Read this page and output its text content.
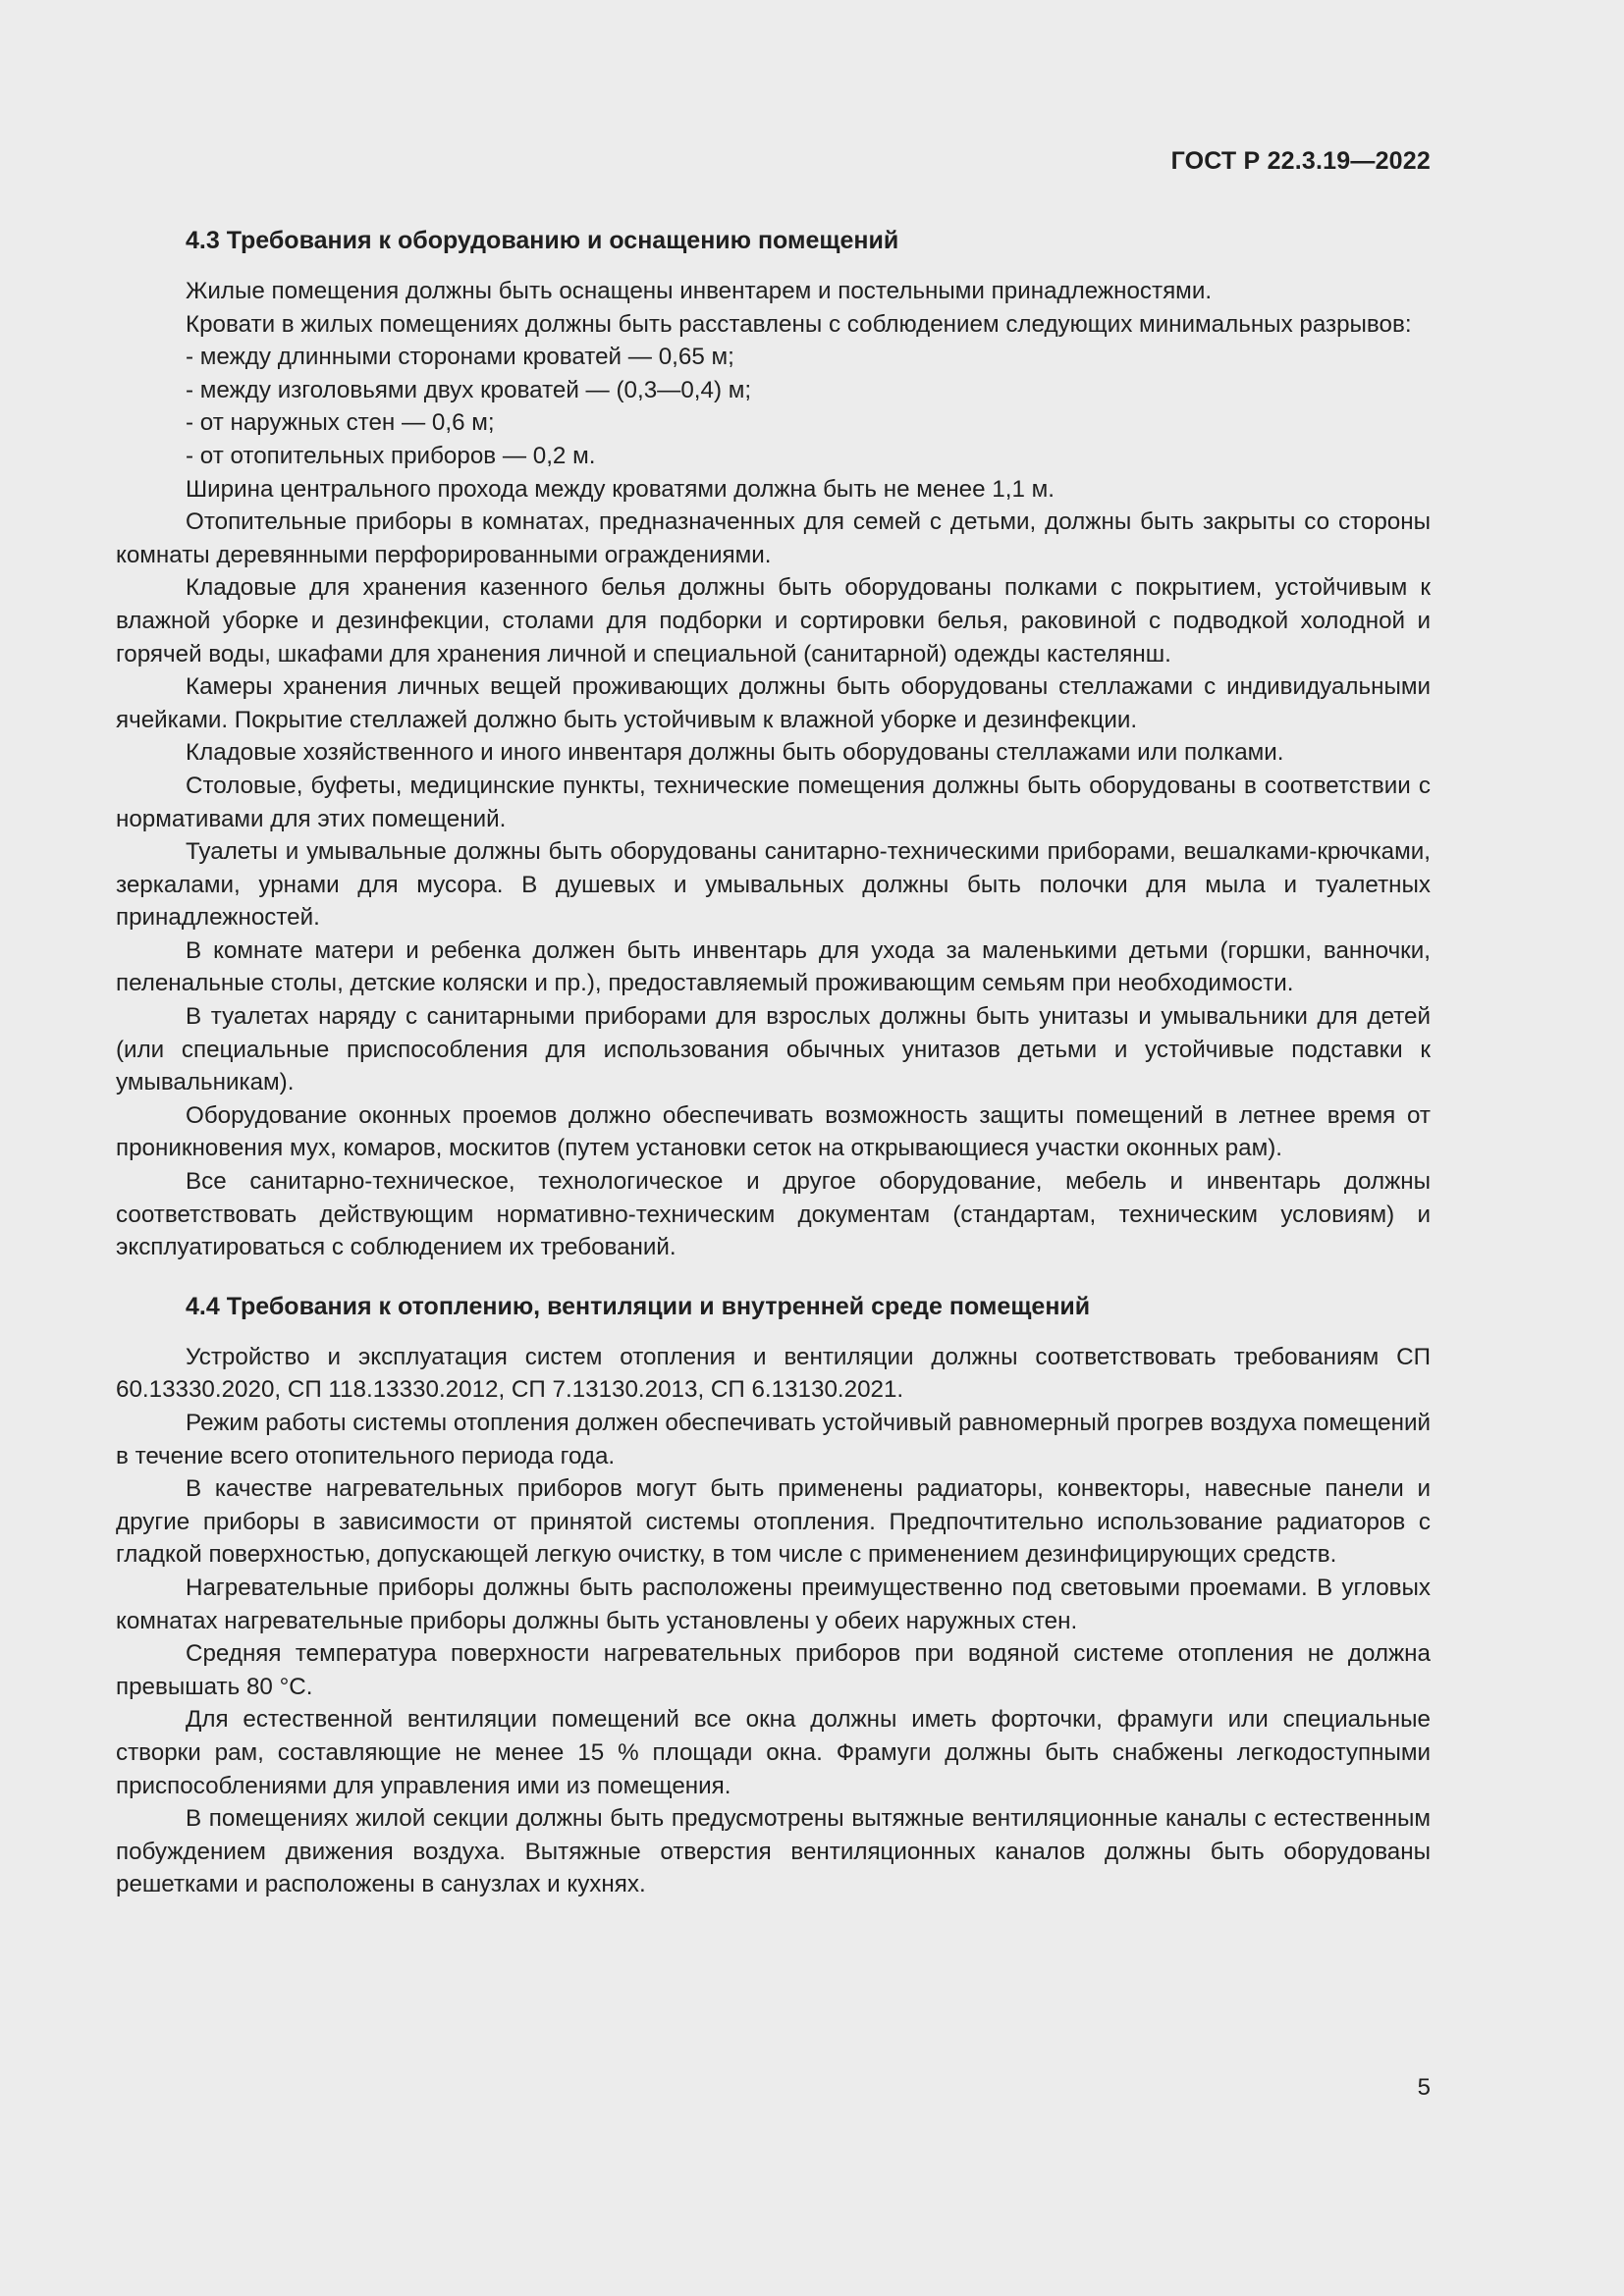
ГОСТ Р 22.3.19—2022
4.3 Требования к оборудованию и оснащению помещений

Жилые помещения должны быть оснащены инвентарем и постельными принадлежностями.

Кровати в жилых помещениях должны быть расставлены с соблюдением следующих минимальных разрывов:

- между длинными сторонами кроватей — 0,65 м;

- между изголовьями двух кроватей — (0,3—0,4) м;

- от наружных стен — 0,6 м;

- от отопительных приборов — 0,2 м.

Ширина центрального прохода между кроватями должна быть не менее 1,1 м.

Отопительные приборы в комнатах, предназначенных для семей с детьми, должны быть закрыты со стороны комнаты деревянными перфорированными ограждениями.

Кладовые для хранения казенного белья должны быть оборудованы полками с покрытием, устойчивым к влажной уборке и дезинфекции, столами для подборки и сортировки белья, раковиной с подводкой холодной и горячей воды, шкафами для хранения личной и специальной (санитарной) одежды кастелянш.

Камеры хранения личных вещей проживающих должны быть оборудованы стеллажами с индивидуальными ячейками. Покрытие стеллажей должно быть устойчивым к влажной уборке и дезинфекции.

Кладовые хозяйственного и иного инвентаря должны быть оборудованы стеллажами или полками.

Столовые, буфеты, медицинские пункты, технические помещения должны быть оборудованы в соответствии с нормативами для этих помещений.

Туалеты и умывальные должны быть оборудованы санитарно-техническими приборами, вешалками-крючками, зеркалами, урнами для мусора. В душевых и умывальных должны быть полочки для мыла и туалетных принадлежностей.

В комнате матери и ребенка должен быть инвентарь для ухода за маленькими детьми (горшки, ванночки, пеленальные столы, детские коляски и пр.), предоставляемый проживающим семьям при необходимости.

В туалетах наряду с санитарными приборами для взрослых должны быть унитазы и умывальники для детей (или специальные приспособления для использования обычных унитазов детьми и устойчивые подставки к умывальникам).

Оборудование оконных проемов должно обеспечивать возможность защиты помещений в летнее время от проникновения мух, комаров, москитов (путем установки сеток на открывающиеся участки оконных рам).

Все санитарно-техническое, технологическое и другое оборудование, мебель и инвентарь должны соответствовать действующим нормативно-техническим документам (стандартам, техническим условиям) и эксплуатироваться с соблюдением их требований.

4.4 Требования к отоплению, вентиляции и внутренней среде помещений

Устройство и эксплуатация систем отопления и вентиляции должны соответствовать требованиям СП 60.13330.2020, СП 118.13330.2012, СП 7.13130.2013, СП 6.13130.2021.

Режим работы системы отопления должен обеспечивать устойчивый равномерный прогрев воздуха помещений в течение всего отопительного периода года.

В качестве нагревательных приборов могут быть применены радиаторы, конвекторы, навесные панели и другие приборы в зависимости от принятой системы отопления. Предпочтительно использование радиаторов с гладкой поверхностью, допускающей легкую очистку, в том числе с применением дезинфицирующих средств.

Нагревательные приборы должны быть расположены преимущественно под световыми проемами. В угловых комнатах нагревательные приборы должны быть установлены у обеих наружных стен.

Средняя температура поверхности нагревательных приборов при водяной системе отопления не должна превышать 80 °С.

Для естественной вентиляции помещений все окна должны иметь форточки, фрамуги или специальные створки рам, составляющие не менее 15 % площади окна. Фрамуги должны быть снабжены легкодоступными приспособлениями для управления ими из помещения.

В помещениях жилой секции должны быть предусмотрены вытяжные вентиляционные каналы с естественным побуждением движения воздуха. Вытяжные отверстия вентиляционных каналов должны быть оборудованы решетками и расположены в санузлах и кухнях.

5
